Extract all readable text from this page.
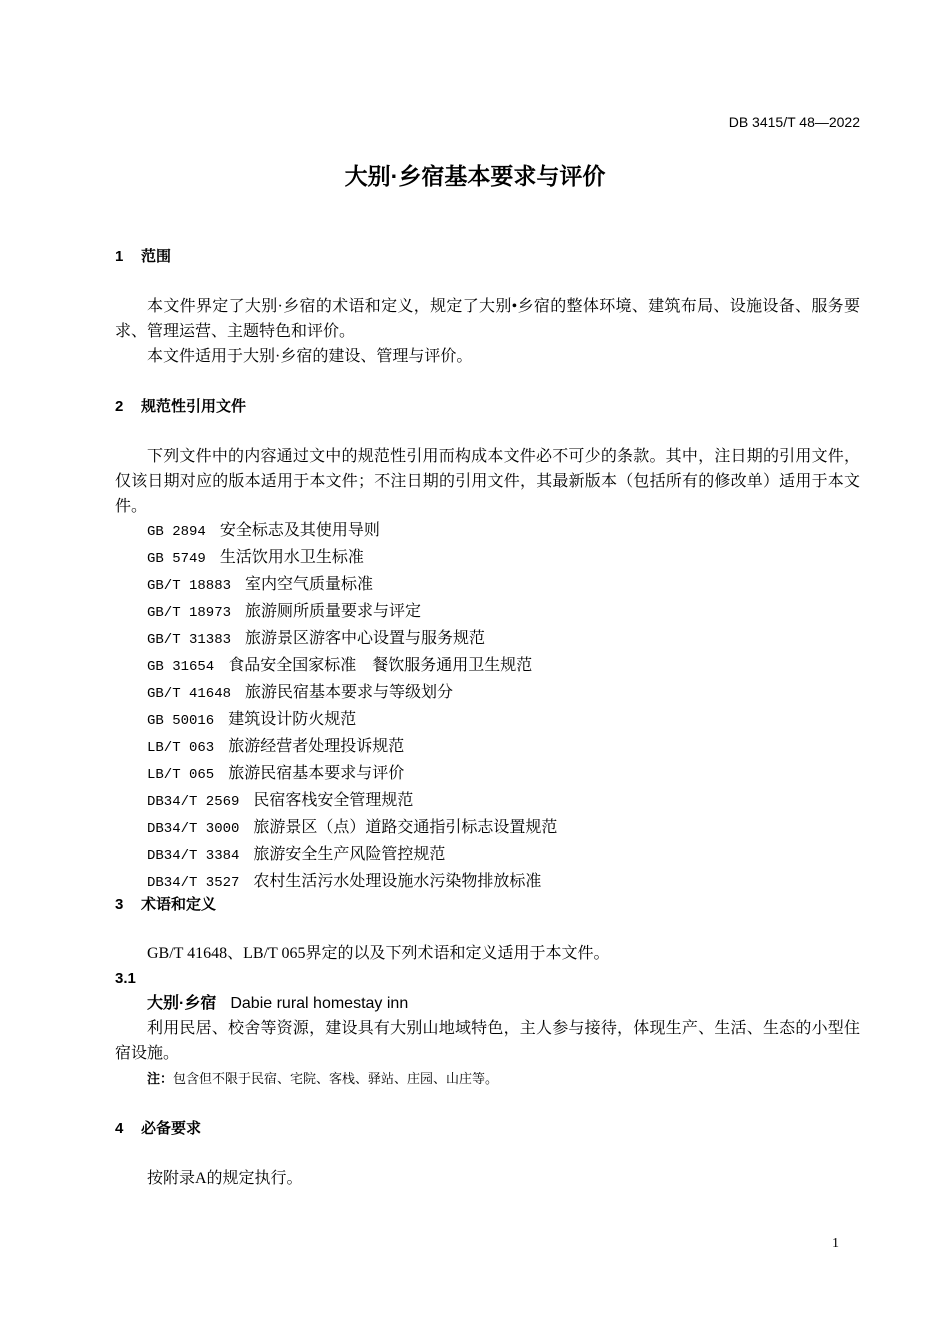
DB 3415/T 48—2022
大别·乡宿基本要求与评价
1 范围
本文件界定了大别·乡宿的术语和定义，规定了大别•乡宿的整体环境、建筑布局、设施设备、服务要求、管理运营、主题特色和评价。
本文件适用于大别·乡宿的建设、管理与评价。
2 规范性引用文件
下列文件中的内容通过文中的规范性引用而构成本文件必不可少的条款。其中，注日期的引用文件，仅该日期对应的版本适用于本文件；不注日期的引用文件，其最新版本（包括所有的修改单）适用于本文件。
GB 2894 安全标志及其使用导则
GB 5749 生活饮用水卫生标准
GB/T 18883 室内空气质量标准
GB/T 18973 旅游厕所质量要求与评定
GB/T 31383 旅游景区游客中心设置与服务规范
GB 31654 食品安全国家标准　餐饮服务通用卫生规范
GB/T 41648 旅游民宿基本要求与等级划分
GB 50016 建筑设计防火规范
LB/T 063 旅游经营者处理投诉规范
LB/T 065 旅游民宿基本要求与评价
DB34/T 2569 民宿客栈安全管理规范
DB34/T 3000 旅游景区（点）道路交通指引标志设置规范
DB34/T 3384 旅游安全生产风险管控规范
DB34/T 3527 农村生活污水处理设施水污染物排放标准
3 术语和定义
GB/T 41648、LB/T 065界定的以及下列术语和定义适用于本文件。
3.1
大别·乡宿 Dabie rural homestay inn
利用民居、校舍等资源，建设具有大别山地域特色，主人参与接待，体现生产、生活、生态的小型住宿设施。
注：包含但不限于民宿、宅院、客栈、驿站、庄园、山庄等。
4 必备要求
按附录A的规定执行。
1
